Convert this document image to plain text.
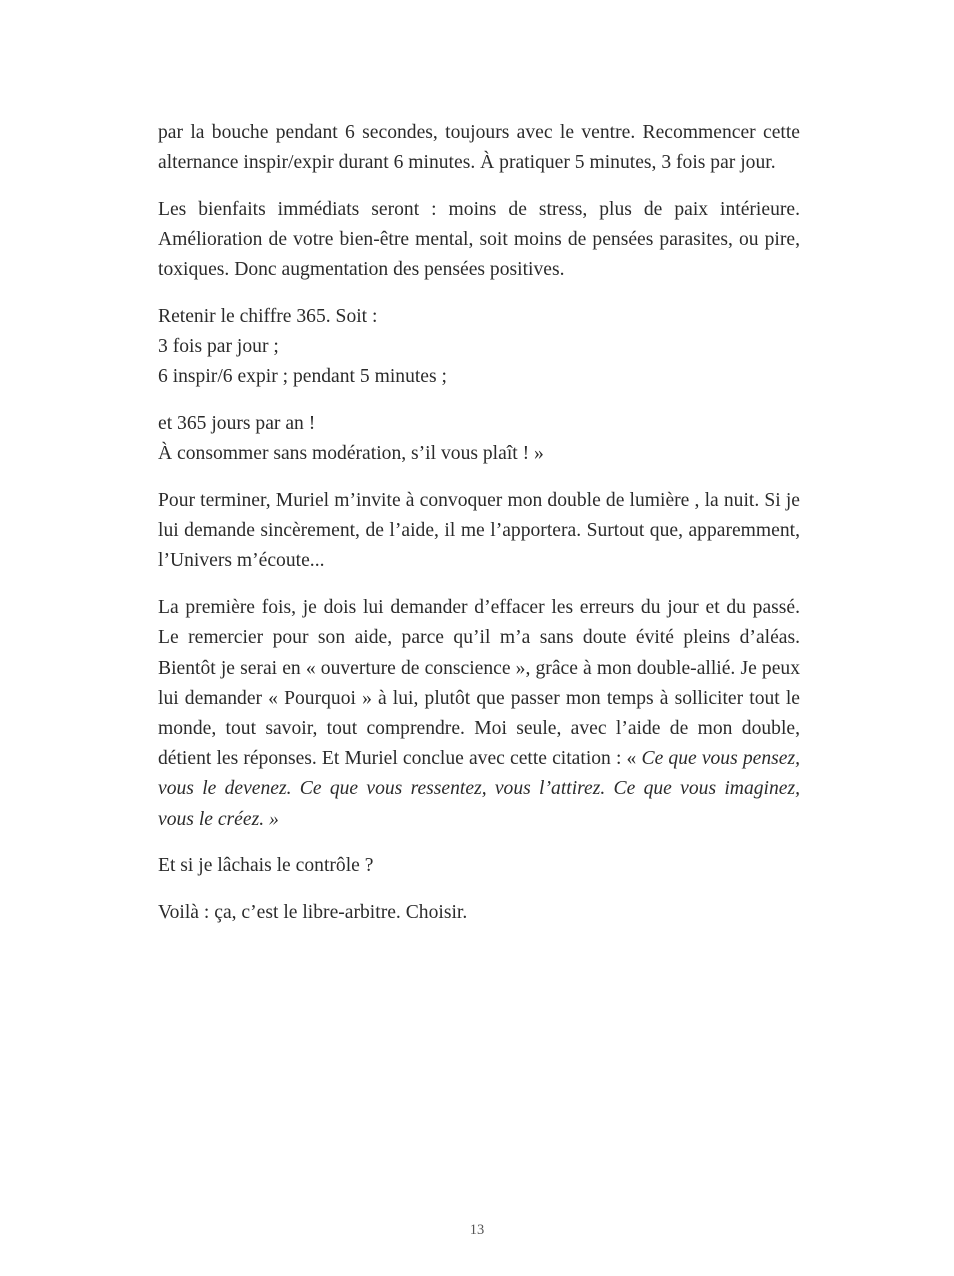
par la bouche pendant 6 secondes, toujours avec le ventre. Recommencer cette alternance inspir/expir durant 6 minutes. À pratiquer 5 minutes, 3 fois par jour.

Les bienfaits immédiats seront : moins de stress, plus de paix intérieure. Amélioration de votre bien-être mental, soit moins de pensées parasites, ou pire, toxiques. Donc augmentation des pensées positives.

Retenir le chiffre 365. Soit :

3 fois par jour ;

6 inspir/6 expir ; pendant 5 minutes ;

et 365 jours par an !

À consommer sans modération, s’il vous plaît ! »

Pour terminer, Muriel m’invite à convoquer mon double de lumière , la nuit. Si je lui demande sincèrement, de l’aide, il me l’apportera. Surtout que, apparemment, l’Univers m’écoute...

La première fois, je dois lui demander d’effacer les erreurs du jour et du passé. Le remercier pour son aide, parce qu’il m’a sans doute évité pleins d’aléas. Bientôt je serai en « ouverture de conscience », grâce à mon double-allié. Je peux lui demander « Pourquoi » à lui, plutôt que passer mon temps à solliciter tout le monde, tout savoir, tout comprendre. Moi seule, avec l’aide de mon double, détient les réponses. Et Muriel conclue avec cette citation : « Ce que vous pensez, vous le devenez. Ce que vous ressentez, vous l’attirez. Ce que vous imaginez, vous le créez. »

Et si je lâchais le contrôle ?

Voilà : ça, c’est le libre-arbitre. Choisir.

13
